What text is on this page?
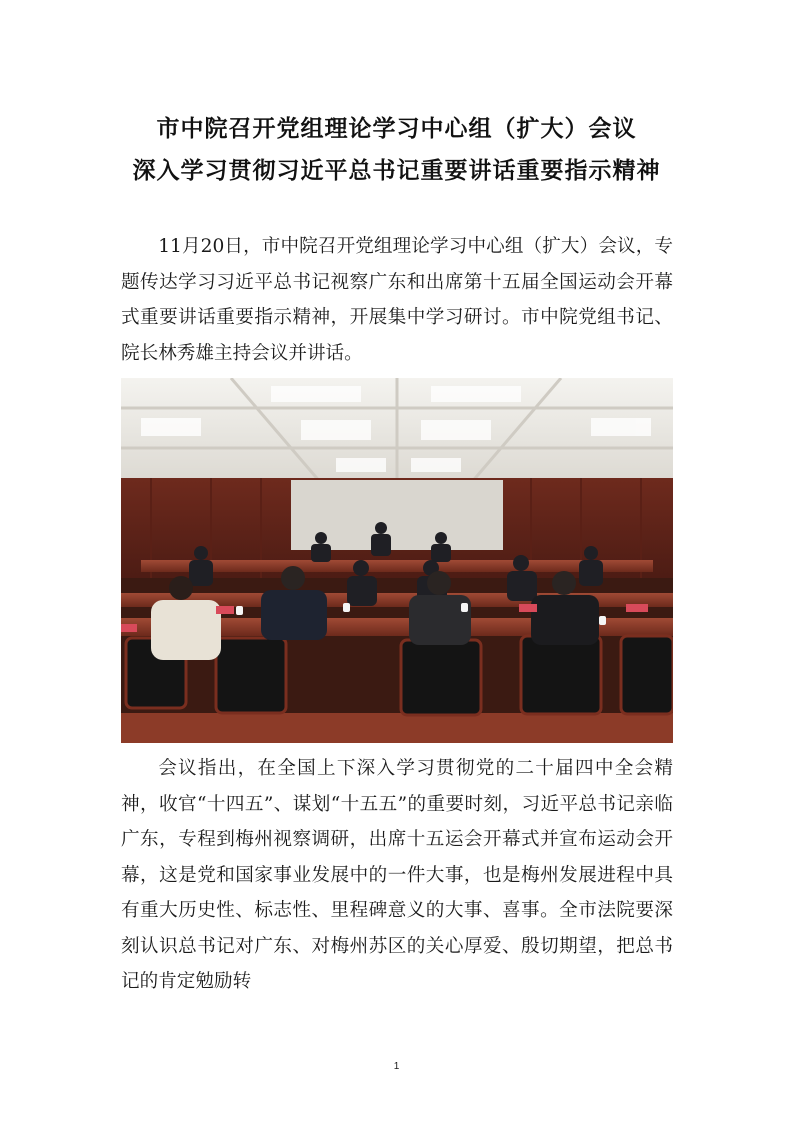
市中院召开党组理论学习中心组（扩大）会议
深入学习贯彻习近平总书记重要讲话重要指示精神

11月20日，市中院召开党组理论学习中心组（扩大）会议，专题传达学习习近平总书记视察广东和出席第十五届全国运动会开幕式重要讲话重要指示精神，开展集中学习研讨。市中院党组书记、院长林秀雄主持会议并讲话。

会议指出，在全国上下深入学习贯彻党的二十届四中全会精神，收官“十四五”、谋划“十五五”的重要时刻，习近平总书记亲临广东，专程到梅州视察调研，出席十五运会开幕式并宣布运动会开幕，这是党和国家事业发展中的一件大事，也是梅州发展进程中具有重大历史性、标志性、里程碑意义的大事、喜事。全市法院要深刻认识总书记对广东、对梅州苏区的关心厚爱、殷切期望，把总书记的肯定勉励转

1
